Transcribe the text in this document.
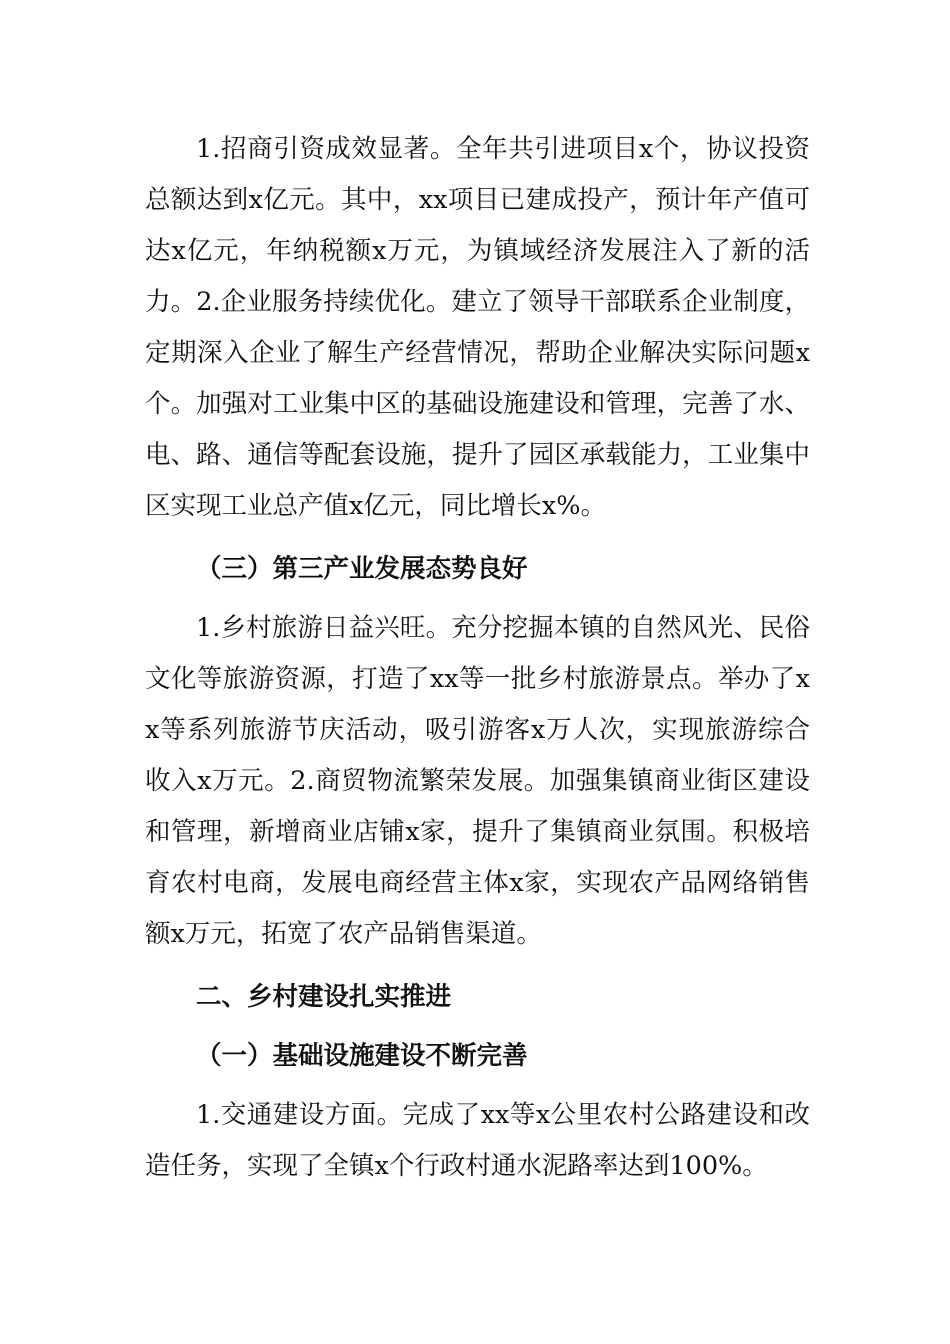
1.招商引资成效显著。全年共引进项目x个，协议投资总额达到x亿元。其中，xx项目已建成投产，预计年产值可达x亿元，年纳税额x万元，为镇域经济发展注入了新的活力。2.企业服务持续优化。建立了领导干部联系企业制度，定期深入企业了解生产经营情况，帮助企业解决实际问题x个。加强对工业集中区的基础设施建设和管理，完善了水、电、路、通信等配套设施，提升了园区承载能力，工业集中区实现工业总产值x亿元，同比增长x%。

（三）第三产业发展态势良好

1.乡村旅游日益兴旺。充分挖掘本镇的自然风光、民俗文化等旅游资源，打造了xx等一批乡村旅游景点。举办了xx等系列旅游节庆活动，吸引游客x万人次，实现旅游综合收入x万元。2.商贸物流繁荣发展。加强集镇商业街区建设和管理，新增商业店铺x家，提升了集镇商业氛围。积极培育农村电商，发展电商经营主体x家，实现农产品网络销售额x万元，拓宽了农产品销售渠道。

二、乡村建设扎实推进
（一）基础设施建设不断完善

1.交通建设方面。完成了xx等x公里农村公路建设和改造任务，实现了全镇x个行政村通水泥路率达到100%。
